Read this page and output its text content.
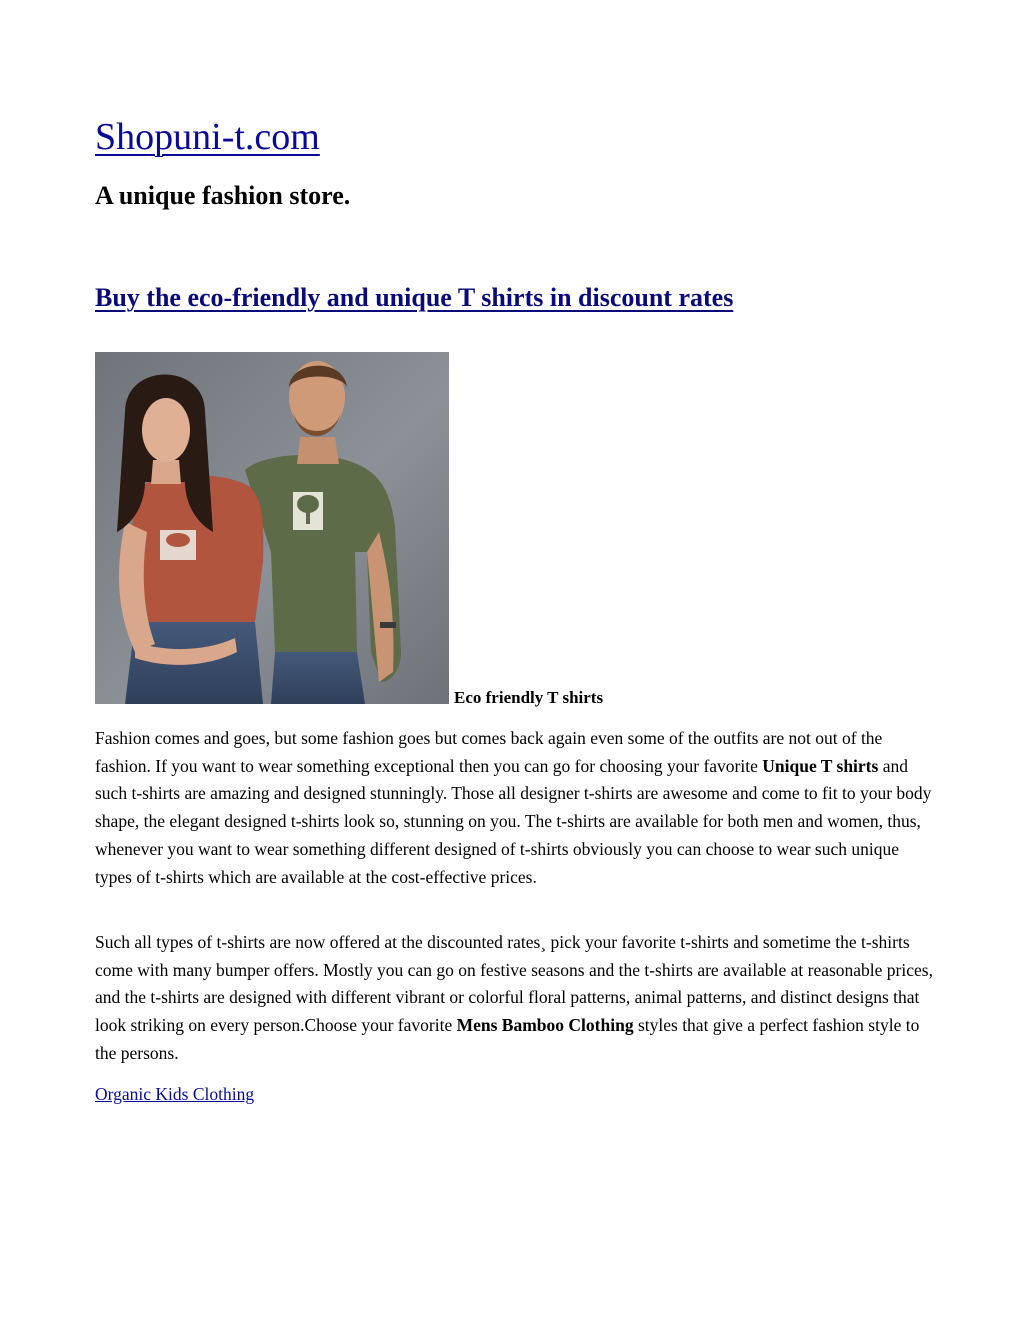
Shopuni-t.com
A unique fashion store.
Buy the eco-friendly and unique T shirts in discount rates
Eco friendly T shirts

Fashion comes and goes, but some fashion goes but comes back again even some of the outfits are not out of the fashion. If you want to wear something exceptional then you can go for choosing your favorite Unique T shirts and such t-shirts are amazing and designed stunningly. Those all designer t-shirts are awesome and come to fit to your body shape, the elegant designed t-shirts look so, stunning on you. The t-shirts are available for both men and women, thus, whenever you want to wear something different designed of t-shirts obviously you can choose to wear such unique types of t-shirts which are available at the cost-effective prices.

Such all types of t-shirts are now offered at the discounted rates¸ pick your favorite t-shirts and sometime the t-shirts come with many bumper offers. Mostly you can go on festive seasons and the t-shirts are available at reasonable prices, and the t-shirts are designed with different vibrant or colorful floral patterns, animal patterns, and distinct designs that look striking on every person.Choose your favorite Mens Bamboo Clothing styles that give a perfect fashion style to the persons.

Organic Kids Clothing
